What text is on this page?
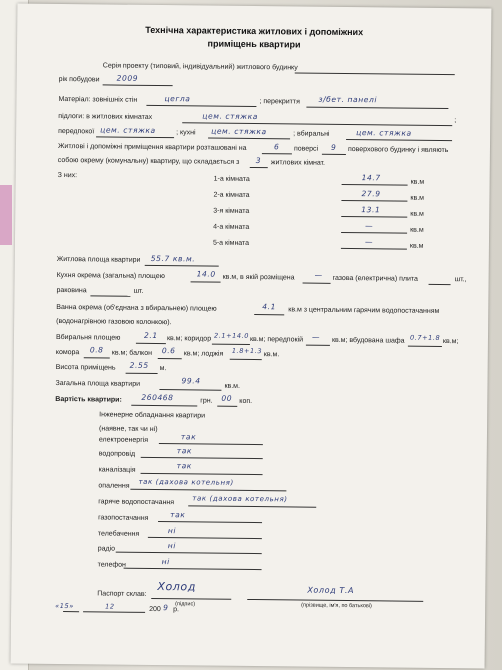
Технічна характеристика житлових і допоміжних
приміщень квартири
Серія проекту (типовий, індивідуальний) житлового будинку
рік побудови 2009
Матеріал: зовнішніх стін	цегла	; перекриття з/бет. панелі
підлоги: в житлових кімнатах	цем. стяжка	;
передпокої цем. стяжка	; кухні цем. стяжка	; вбиральні	цем. стяжка
Житлові і допоміжні приміщення квартири розташовані на	6 поверсі 9 поверхового будинку і являють
собою окрему (комунальну) квартиру, що складається з 3 житлових кімнат.
З них:
1-а кімната	14.7	кв.м
2-а кімната	27.9	кв.м
3-я кімната	13.1	кв.м
4-а кімната	—	кв.м
5-а кімната	—	кв.м
Житлова площа квартири 55.7 кв.м.
Кухня окрема (загальна) площею	14.0 кв.м, в якій розміщена	— газова (електрична) плита	шт.,
раковина	шт.
Ванна окрема (об'єднана з вбиральнею) площею	4.1 кв.м з центральним гарячим водопостачанням
(водонагрівною газовою колонкою).
Вбиральня площею	2.1 кв.м; коридор 2.1+14.0 кв.м; передпокій — кв.м; вбудована шафа 0.7+1.8 кв.м;
комора 0.8 кв.м; балкон 0.6 кв.м; лоджія 1.8+1.3 кв.м.
Висота приміщень 2.55 м.
Загальна площа квартири	99.4
кв.м.
Вартість квартири:	260468	грн. 00 коп.
Інженерне обладнання квартири
(наявне, так чи ні)
електроенергія	так
водопровід	так
каналізація	так
опалення так (дахова котельня)
гаряче водопостачання	так (дахова котельня)
газопостачання	так
телебачення	ні
радіо	ні
телефон	ні
Паспорт склав:
Холод
(підпис)
Холод Т.А
(прізвище, ім'я, по батькові)
«15»	12	200 9 р.
